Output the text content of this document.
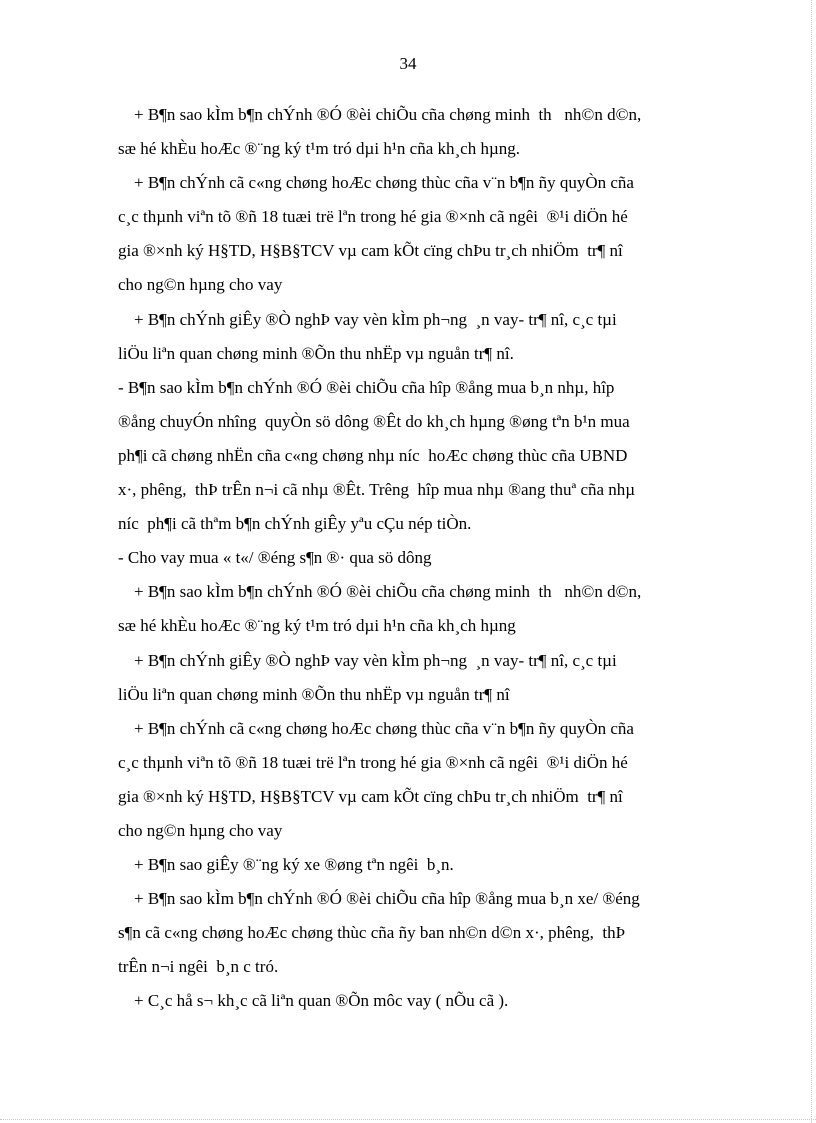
34
+ B¶n sao kÌm b¶n chÝnh ®Ó ®èi chiÕu cña chøng minh  th   nh©n d©n,
sæ hé khÈu hoÆc ®¨ng ký t¹m tró dµi h¹n cña kh¸ch hµng.
+ B¶n chÝnh cã c«ng chøng hoÆc chøng thùc cña v¨n b¶n ñy quyÒn cña
c¸c thµnh viªn tõ ®ñ 18 tuæi trë lªn trong hé gia ®×nh cã ngêi  ®¹i diÖn hé
gia ®×nh ký H§TD, H§B§TCV vµ cam kÕt cïng chÞu tr¸ch nhiÖm  tr¶ nî
cho ng©n hµng cho vay
+ B¶n chÝnh giÊy ®Ò nghÞ vay vèn kÌm ph¬ng  ¸n vay- tr¶ nî, c¸c tµi
liÖu liªn quan chøng minh ®Õn thu nhËp vµ nguån tr¶ nî.
- B¶n sao kÌm b¶n chÝnh ®Ó ®èi chiÕu cña hîp ®ång mua b¸n nhµ, hîp
®ång chuyÓn nhîng  quyÒn sö dông ®Êt do kh¸ch hµng ®øng tªn b¹n mua
ph¶i cã chøng nhËn cña c«ng chøng nhµ níc  hoÆc chøng thùc cña UBND
x·, phêng,  thÞ trÊn n¬i cã nhµ ®Êt. Trêng  hîp mua nhµ ®ang thuª cña nhµ
níc  ph¶i cã thªm b¶n chÝnh giÊy yªu cÇu nép tiÒn.
- Cho vay mua « t«/ ®éng s¶n ®· qua sö dông
+ B¶n sao kÌm b¶n chÝnh ®Ó ®èi chiÕu cña chøng minh  th   nh©n d©n,
sæ hé khÈu hoÆc ®¨ng ký t¹m tró dµi h¹n cña kh¸ch hµng
+ B¶n chÝnh giÊy ®Ò nghÞ vay vèn kÌm ph¬ng  ¸n vay- tr¶ nî, c¸c tµi
liÖu liªn quan chøng minh ®Õn thu nhËp vµ nguån tr¶ nî
+ B¶n chÝnh cã c«ng chøng hoÆc chøng thùc cña v¨n b¶n ñy quyÒn cña
c¸c thµnh viªn tõ ®ñ 18 tuæi trë lªn trong hé gia ®×nh cã ngêi  ®¹i diÖn hé
gia ®×nh ký H§TD, H§B§TCV vµ cam kÕt cïng chÞu tr¸ch nhiÖm  tr¶ nî
cho ng©n hµng cho vay
+ B¶n sao giÊy ®¨ng ký xe ®øng tªn ngêi  b¸n.
+ B¶n sao kÌm b¶n chÝnh ®Ó ®èi chiÕu cña hîp ®ång mua b¸n xe/ ®éng
s¶n cã c«ng chøng hoÆc chøng thùc cña ñy ban nh©n d©n x·, phêng,  thÞ
trÊn n¬i ngêi  b¸n c tró.
+ C¸c hå s¬ kh¸c cã liªn quan ®Õn môc vay ( nÕu cã ).
